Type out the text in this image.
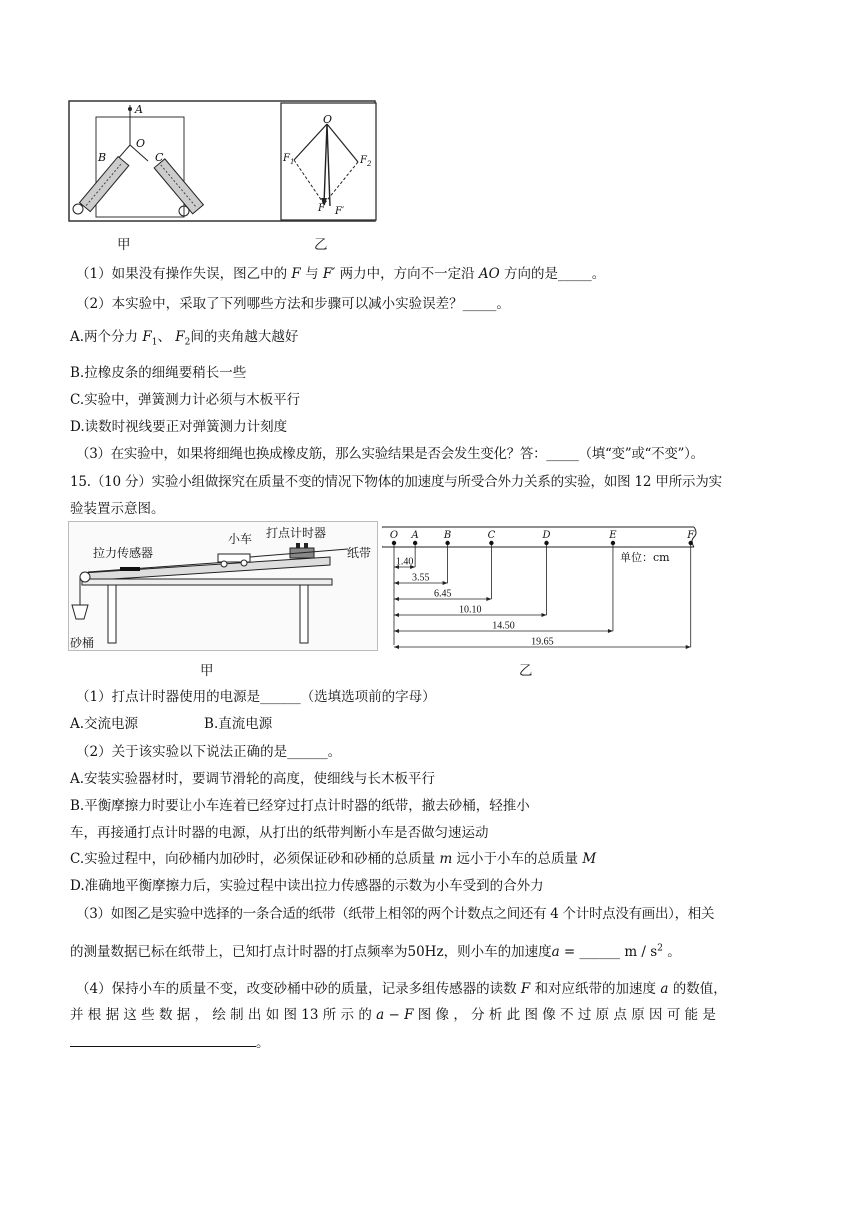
A
O
B	C
O
$F_1$	$F_2$
F F′
甲	乙
（1）如果没有操作失误，图乙中的 F 与 F′ 两力中，方向不一定沿 AO 方向的是_____。
（2）本实验中，采取了下列哪些方法和步骤可以减小实验误差？_____。
A.两个分力 $F_1$、 $F_2$间的夹角越大越好
B.拉橡皮条的细绳要稍长一些
C.实验中，弹簧测力计必须与木板平行
D.读数时视线要正对弹簧测力计刻度
（3）在实验中，如果将细绳也换成橡皮筋，那么实验结果是否会发生变化？答：_____（填“变”或“不变”）。
15.（10 分）实验小组做探究在质量不变的情况下物体的加速度与所受合外力关系的实验，如图 12 甲所示为实
验装置示意图。
拉力传感器
小车 打点计时器
纸带
砂桶
甲
O A	B	C	D	E	F
1.40
3.55
6.45
10.10
14.50
19.65
单位：cm
乙
（1）打点计时器使用的电源是______（选填选项前的字母）
A.交流电源	B.直流电源
（2）关于该实验以下说法正确的是______。
A.安装实验器材时，要调节滑轮的高度，使细线与长木板平行
B.平衡摩擦力时要让小车连着已经穿过打点计时器的纸带，撤去砂桶，轻推小
车，再接通打点计时器的电源，从打出的纸带判断小车是否做匀速运动
C.实验过程中，向砂桶内加砂时，必须保证砂和砂桶的总质量 m 远小于小车的总质量 M
D.准确地平衡摩擦力后，实验过程中读出拉力传感器的示数为小车受到的合外力
（3）如图乙是实验中选择的一条合适的纸带（纸带上相邻的两个计数点之间还有 4 个计时点没有画出），相关
的测量数据已标在纸带上，已知打点计时器的打点频率为50Hz，则小车的加速度a = ______ m / $s^2$ 。
（4）保持小车的质量不变，改变砂桶中砂的质量，记录多组传感器的读数 F 和对应纸带的加速度 a 的数值，
并 根 据 这 些 数 据 ， 绘 制 出 如 图 13 所 示 的 a − F 图 像 ， 分 析 此 图 像 不 过 原 点 原 因 可 能 是
。
